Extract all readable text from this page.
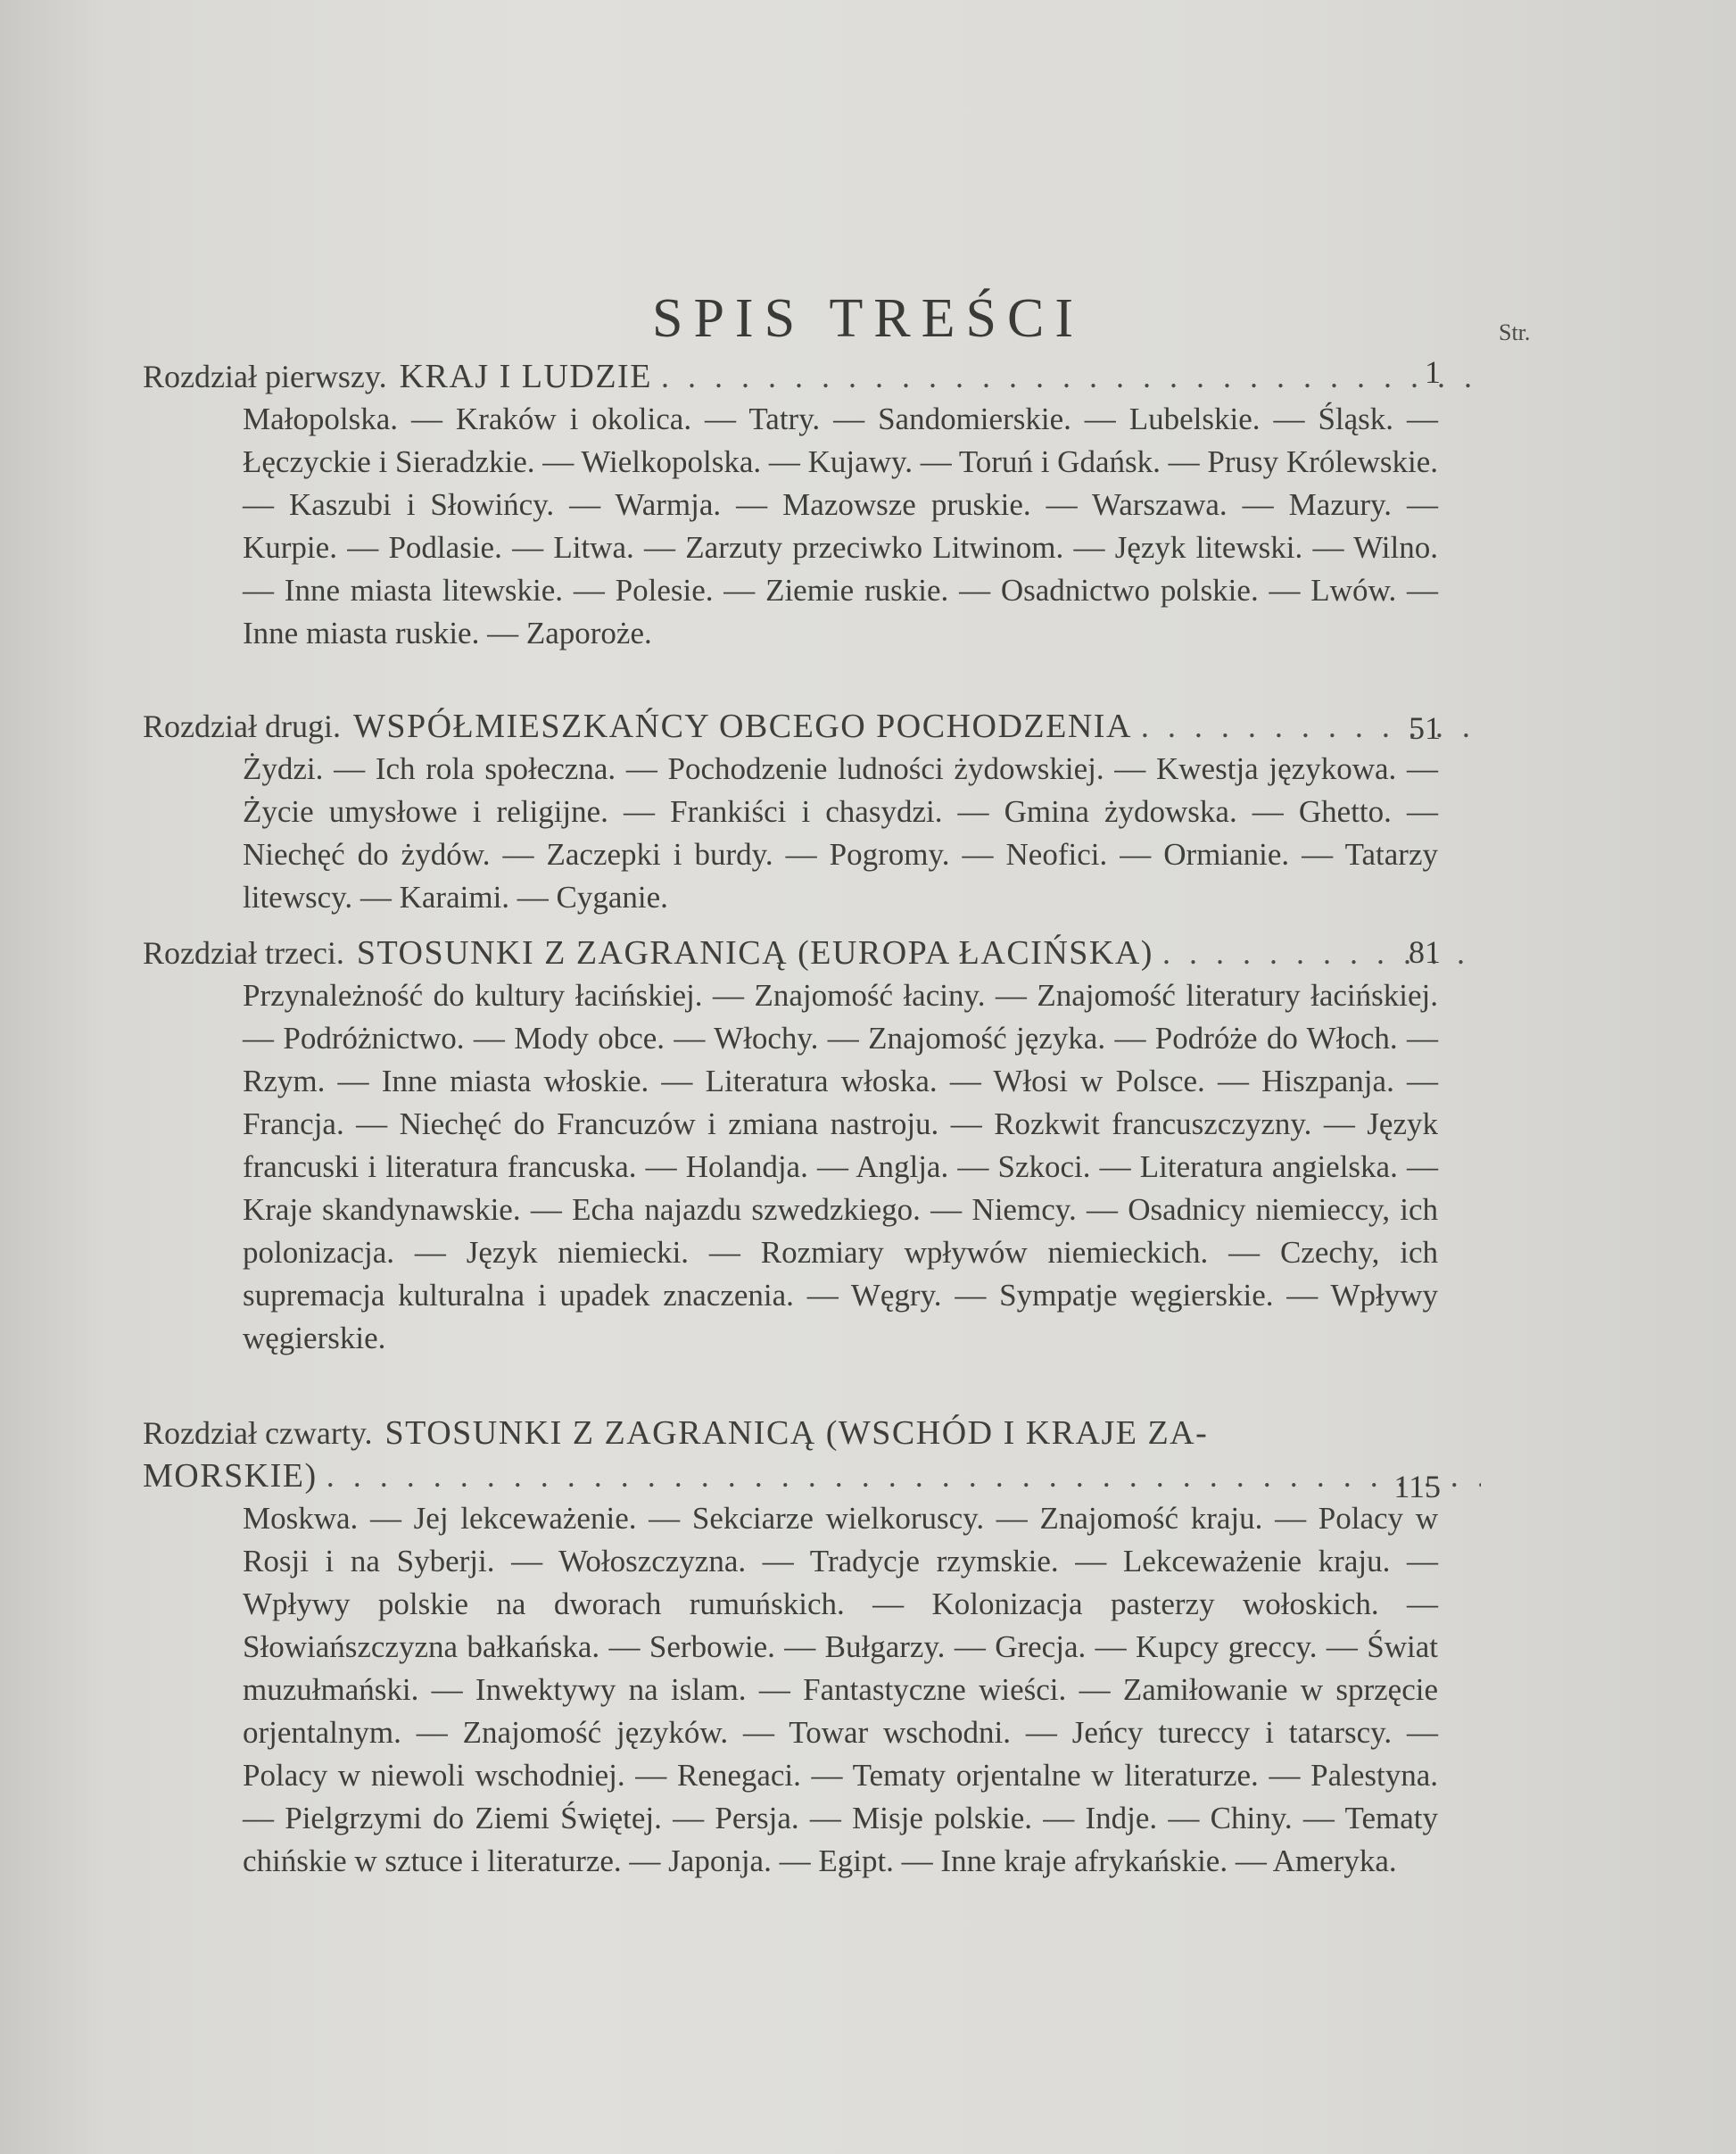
SPIS TREŚCI	Str.
Rozdział pierwszy. KRAJ I LUDZIE
. . .
Małopolska. — Kraków i okolica. — Tatry. — Sandomierskie. — Lubelskie. — Śląsk. — Łęczyckie i Sieradzkie. — Wielkopolska. — Kujawy. — Toruń i Gdańsk. — Prusy Królewskie. — Kaszubi i Słowińcy. — Warmja. — Mazowsze pruskie. — Warszawa. — Mazury. — Kurpie. — Podlasie. — Litwa. — Zarzuty przeciwko Litwinom. — Język litewski. — Wilno. — Inne miasta litewskie. — Polesie. — Ziemie ruskie. — Osadnictwo polskie. — Lwów. — Inne miasta ruskie. — Zaporoże.
1
Rozdział drugi. WSPÓŁMIESZKAŃCY OBCEGO POCHODZENIA
. . .
Żydzi. — Ich rola społeczna. — Pochodzenie ludności żydowskiej. — Kwestja językowa. — Życie umysłowe i religijne. — Frankiści i chasydzi. — Gmina żydowska. — Ghetto. — Niechęć do żydów. — Zaczepki i burdy. — Pogromy. — Neofici. — Ormianie. — Tatarzy litewscy. — Karaimi. — Cyganie.
51
Rozdział trzeci. STOSUNKI Z ZAGRANICĄ (EUROPA ŁACIŃSKA)
. . .
Przynależność do kultury łacińskiej. — Znajomość łaciny. — Znajomość literatury łacińskiej. — Podróżnictwo. — Mody obce. — Włochy. — Znajomość języka. — Podróże do Włoch. — Rzym. — Inne miasta włoskie. — Literatura włoska. — Włosi w Polsce. — Hiszpanja. — Francja. — Niechęć do Francuzów i zmiana nastroju. — Rozkwit francuszczyzny. — Język francuski i literatura francuska. — Holandja. — Anglja. — Szkoci. — Literatura angielska. — Kraje skandynawskie. — Echa najazdu szwedzkiego. — Niemcy. — Osadnicy niemieccy, ich polonizacja. — Język niemiecki. — Rozmiary wpływów niemieckich. — Czechy, ich supremacja kulturalna i upadek znaczenia. — Węgry. — Sympatje węgierskie. — Wpływy węgierskie.
81
Rozdział czwarty. STOSUNKI Z ZAGRANICĄ (WSCHÓD I KRAJE ZA-
MORSKIE)
. . .
Moskwa. — Jej lekceważenie. — Sekciarze wielkoruscy. — Znajomość kraju. — Polacy w Rosji i na Syberji. — Wołoszczyzna. — Tradycje rzymskie. — Lekceważenie kraju. — Wpływy polskie na dworach rumuńskich. — Kolonizacja pasterzy wołoskich. — Słowiańszczyzna bałkańska. — Serbowie. — Bułgarzy. — Grecja. — Kupcy greccy. — Świat muzułmański. — Inwektywy na islam. — Fantastyczne wieści. — Zamiłowanie w sprzęcie orjentalnym. — Znajomość języków. — Towar wschodni. — Jeńcy tureccy i tatarscy. — Polacy w niewoli wschodniej. — Renegaci. — Tematy orjentalne w literaturze. — Palestyna. — Pielgrzymi do Ziemi Świętej. — Persja. — Misje polskie. — Indje. — Chiny. — Tematy chińskie w sztuce i literaturze. — Japonja. — Egipt. — Inne kraje afrykańskie. — Ameryka.
115
